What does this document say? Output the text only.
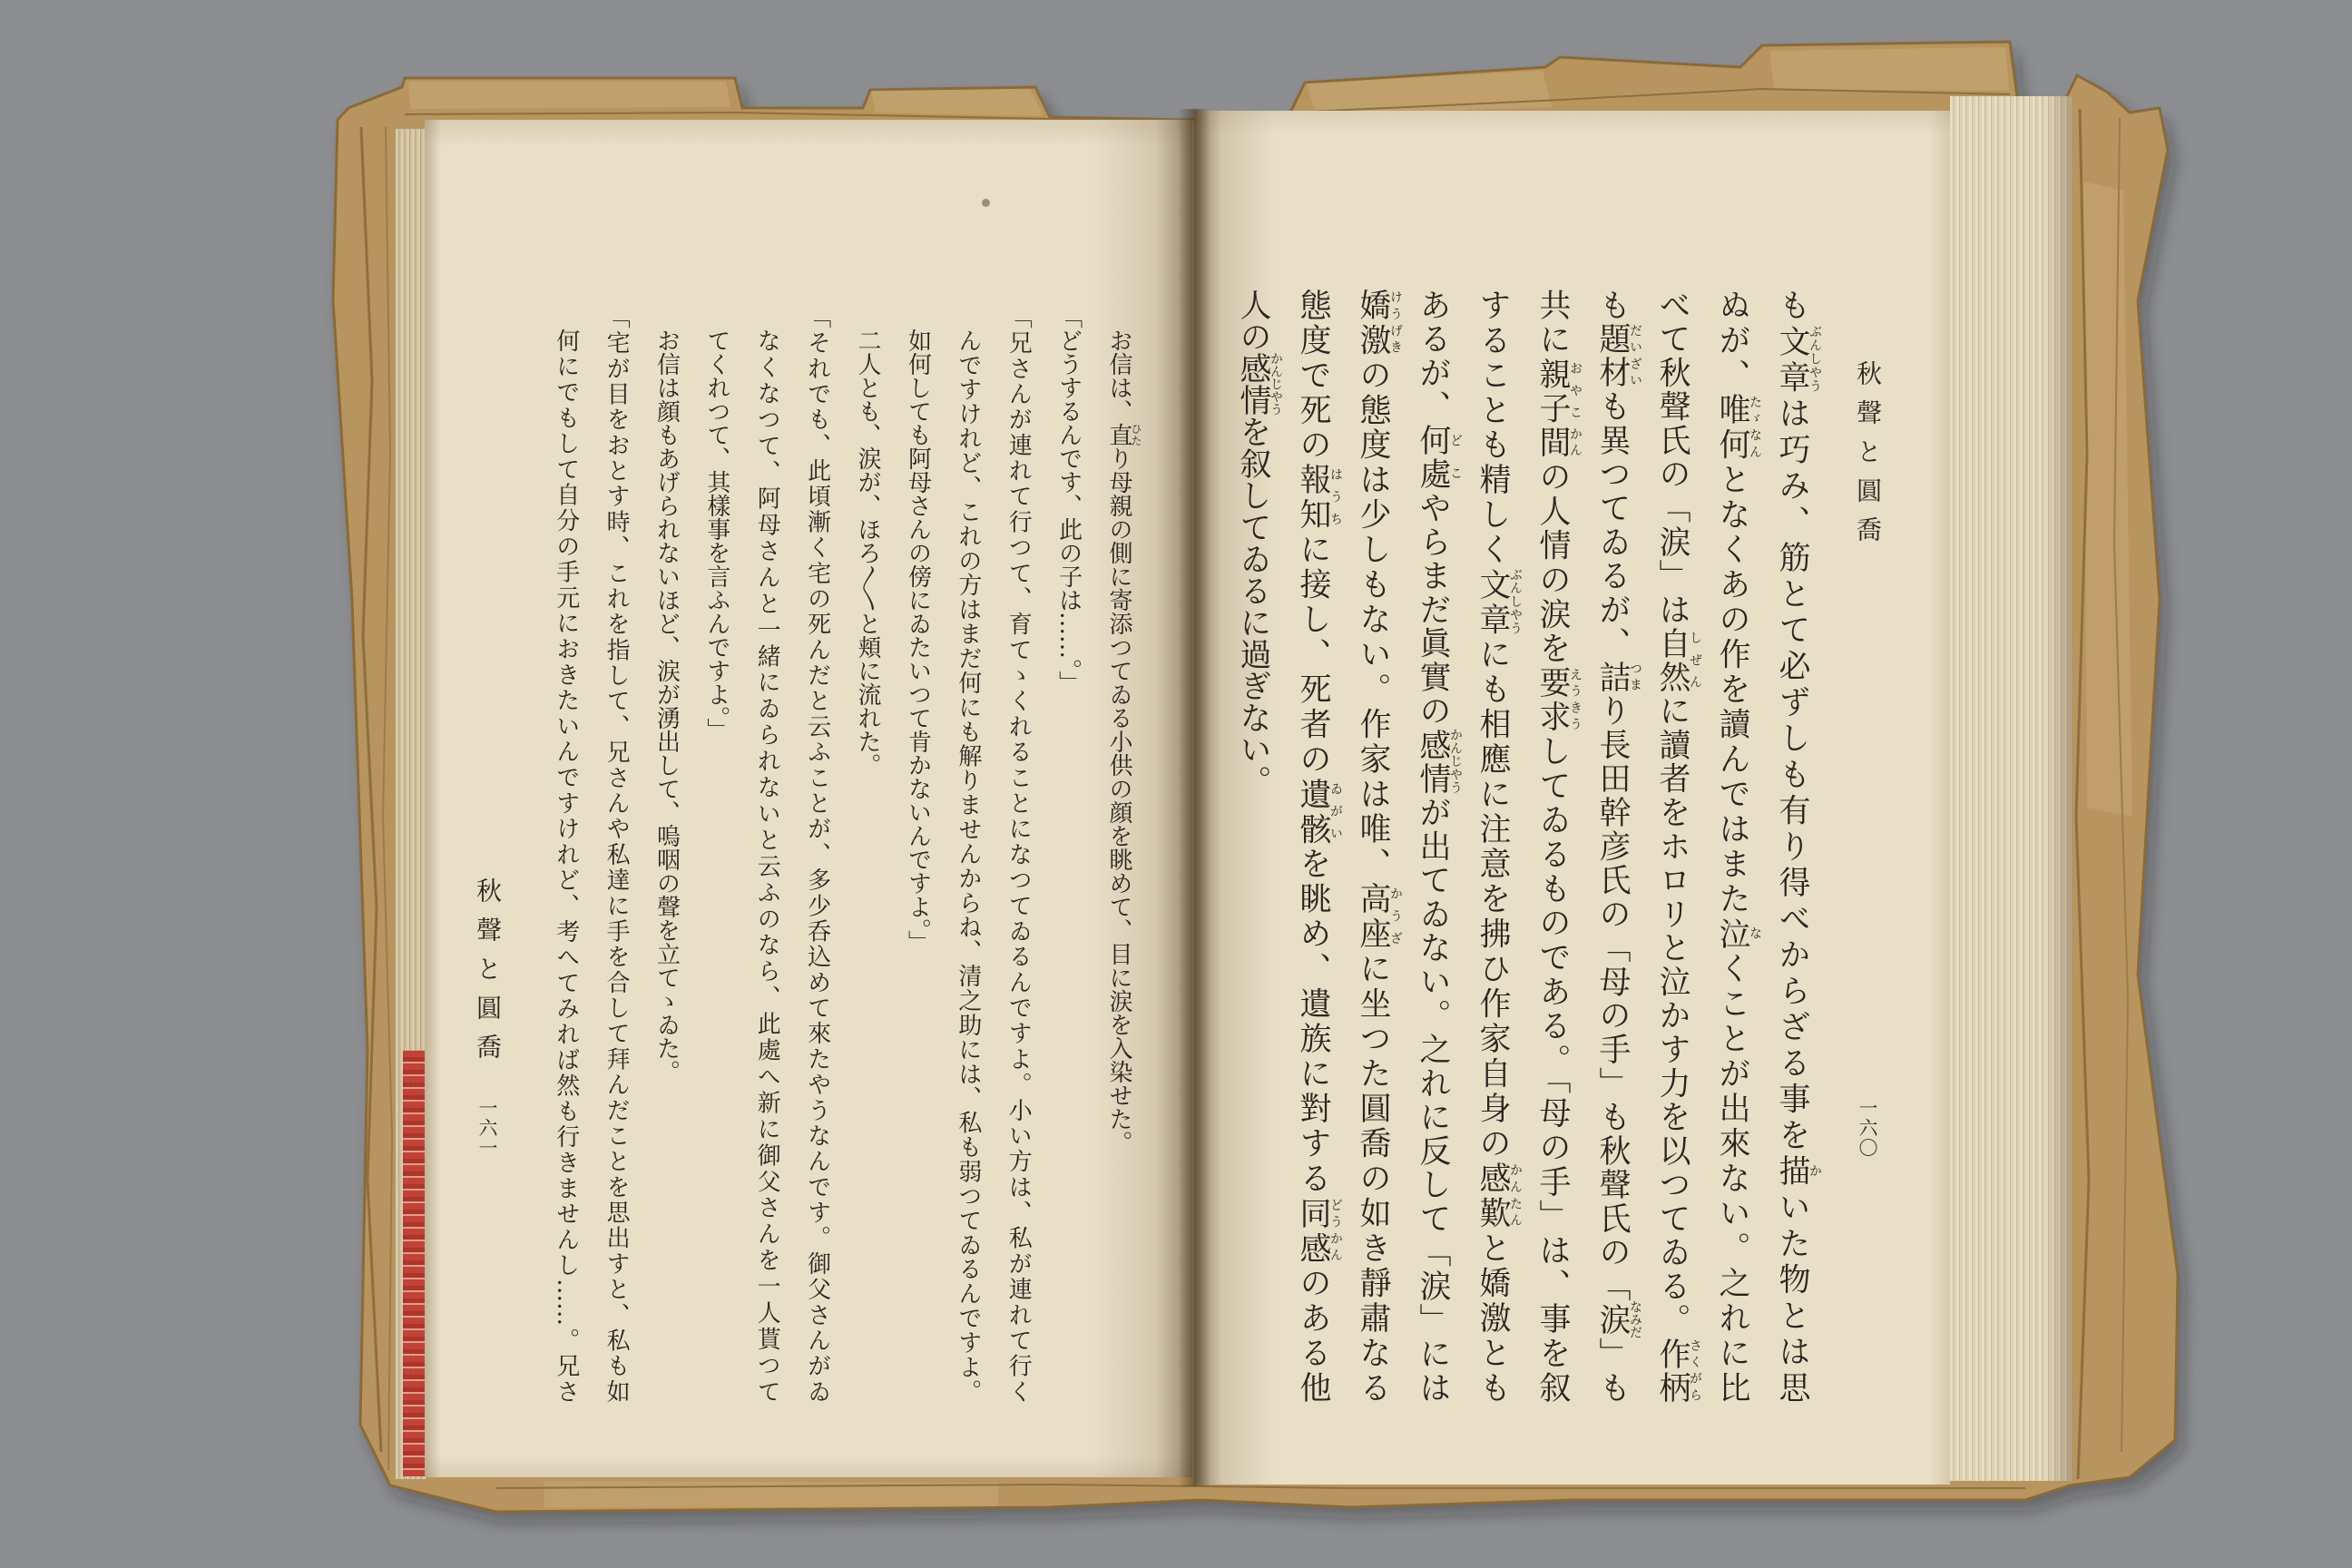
秋聲と圓喬
一六〇
も文章ぶんしやうは巧み、筋とて必ずしも有り得べからざる事を描かいた物とは思
ぬが、唯何たゞなんとなくあの作を讀んではまた泣なくことが出來ない。之れに比
べて秋聲氏の「涙」は自然しぜんに讀者をホロリと泣かす力を以つてゐる。作柄さくがら
も題材だいざいも異つてゐるが、詰つまり長田幹彦氏の「母の手」も秋聲氏の「涙なみだ」も
共に親子おやこ間かんの人情の涙を要求えうきうしてゐるものである。「母の手」は、事を叙
することも精しく文章ぶんしやうにも相應に注意を拂ひ作家自身の感歎かんたんと嬌激とも
あるが、何處どこやらまだ眞實の感情かんじやうが出てゐない。之れに反して「涙」には
嬌激けうげきの態度は少しもない。作家は唯、高座かうざに坐つた圓喬の如き靜肅なる
態度で死の報知はうちに接し、死者の遺骸ゐがいを眺め、遺族に對する同感どうかんのある他
人の感情かんじやうを叙してゐるに過ぎない。
秋聲と圓喬
一六一
お信は、直ひたり母親の側に寄添つてゐる小供の顔を眺めて、目に涙を入染せた。
「どうするんです、此の子は……。」
「兄さんが連れて行つて、育てゝくれることになつてゐるんですよ。小い方は、私が連れて行く
んですけれど、これの方はまだ何にも解りませんからね、清之助には、私も弱つてゐるんですよ。
如何しても阿母さんの傍にゐたいつて肯かないんですよ。」
二人とも、涙が、ほろ〳〵と頬に流れた。
「それでも、此頃漸く宅の死んだと云ふことが、多少呑込めて來たやうなんです。御父さんがゐ
なくなつて、阿母さんと一緒にゐられないと云ふのなら、此處へ新に御父さんを一人貰つて
てくれつて、其樣事を言ふんですよ。」
お信は顔もあげられないほど、涙が湧出して、嗚咽の聲を立てゝゐた。
「宅が目をおとす時、これを指して、兄さんや私達に手を合して拜んだことを思出すと、私も如
何にでもして自分の手元におきたいんですけれど、考へてみれば然も行きませんし……。兄さ
